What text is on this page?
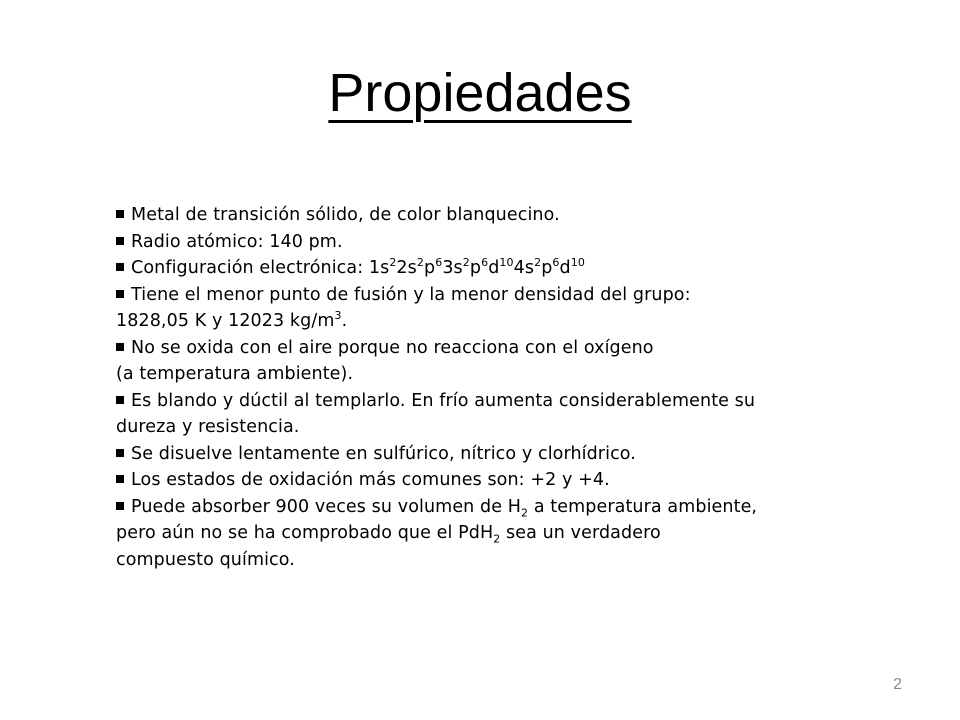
Propiedades
Metal de transición sólido, de color blanquecino.
Radio atómico: 140 pm.
Configuración electrónica: $1s^22s^2p^63s^2p^6d^{10}4s^2p^6d^{10}$
Tiene el menor punto de fusión y la menor densidad del grupo:
1828,05 K y 12023 $kg/m^3$.
No se oxida con el aire porque no reacciona con el oxígeno
(a temperatura ambiente).
Es blando y dúctil al templarlo. En frío aumenta considerablemente su
dureza y resistencia.
Se disuelve lentamente en sulfúrico, nítrico y clorhídrico.
Los estados de oxidación más comunes son: +2 y +4.
Puede absorber 900 veces su volumen de $H_2$ a temperatura ambiente,
pero aún no se ha comprobado que el PdH$_2$ sea un verdadero
compuesto químico.
2
